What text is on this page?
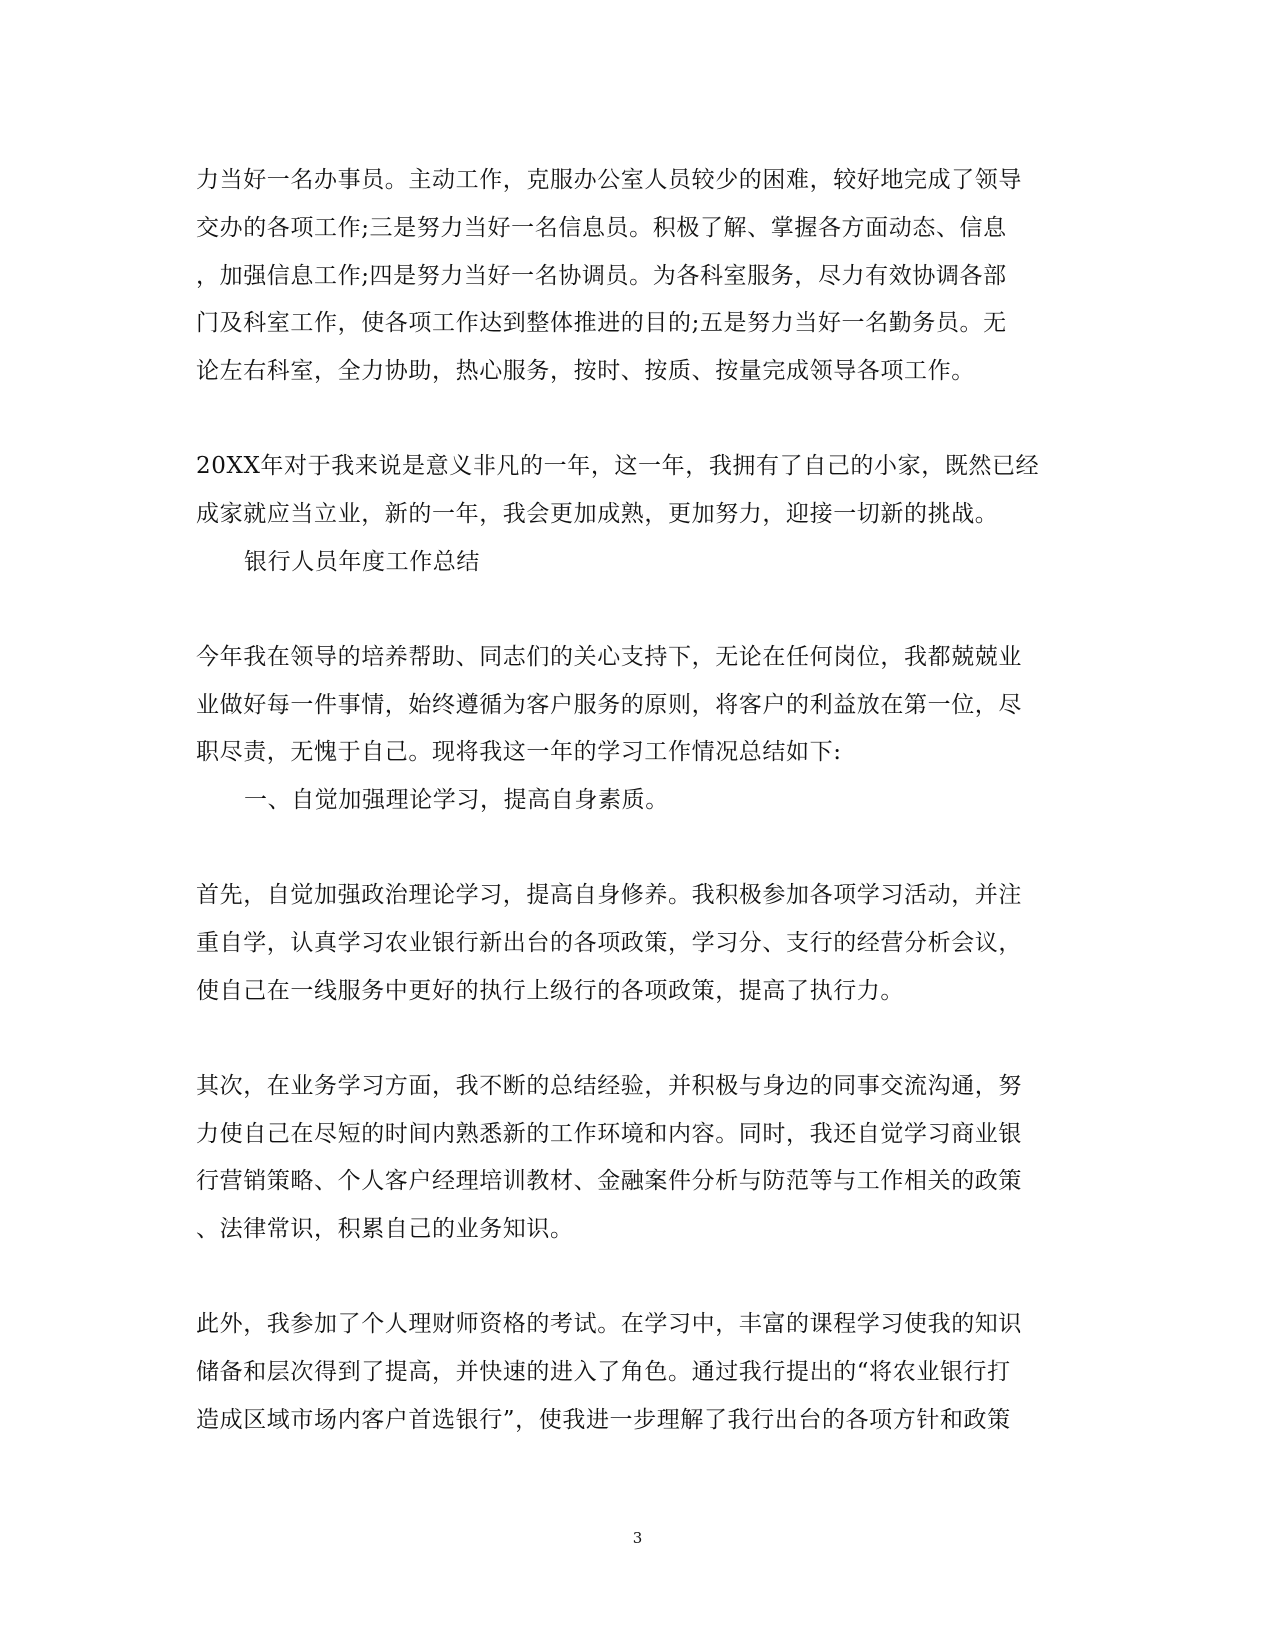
力当好一名办事员。主动工作，克服办公室人员较少的困难，较好地完成了领导
交办的各项工作;三是努力当好一名信息员。积极了解、掌握各方面动态、信息
，加强信息工作;四是努力当好一名协调员。为各科室服务，尽力有效协调各部
门及科室工作，使各项工作达到整体推进的目的;五是努力当好一名勤务员。无
论左右科室，全力协助，热心服务，按时、按质、按量完成领导各项工作。
20XX年对于我来说是意义非凡的一年，这一年，我拥有了自己的小家，既然已经
成家就应当立业，新的一年，我会更加成熟，更加努力，迎接一切新的挑战。
银行人员年度工作总结
今年我在领导的培养帮助、同志们的关心支持下，无论在任何岗位，我都兢兢业
业做好每一件事情，始终遵循为客户服务的原则，将客户的利益放在第一位，尽
职尽责，无愧于自己。现将我这一年的学习工作情况总结如下:
一、自觉加强理论学习，提高自身素质。
首先，自觉加强政治理论学习，提高自身修养。我积极参加各项学习活动，并注
重自学，认真学习农业银行新出台的各项政策，学习分、支行的经营分析会议，
使自己在一线服务中更好的执行上级行的各项政策，提高了执行力。
其次，在业务学习方面，我不断的总结经验，并积极与身边的同事交流沟通，努
力使自己在尽短的时间内熟悉新的工作环境和内容。同时，我还自觉学习商业银
行营销策略、个人客户经理培训教材、金融案件分析与防范等与工作相关的政策
、法律常识，积累自己的业务知识。
此外，我参加了个人理财师资格的考试。在学习中，丰富的课程学习使我的知识
储备和层次得到了提高，并快速的进入了角色。通过我行提出的“将农业银行打
造成区域市场内客户首选银行”，使我进一步理解了我行出台的各项方针和政策
3
